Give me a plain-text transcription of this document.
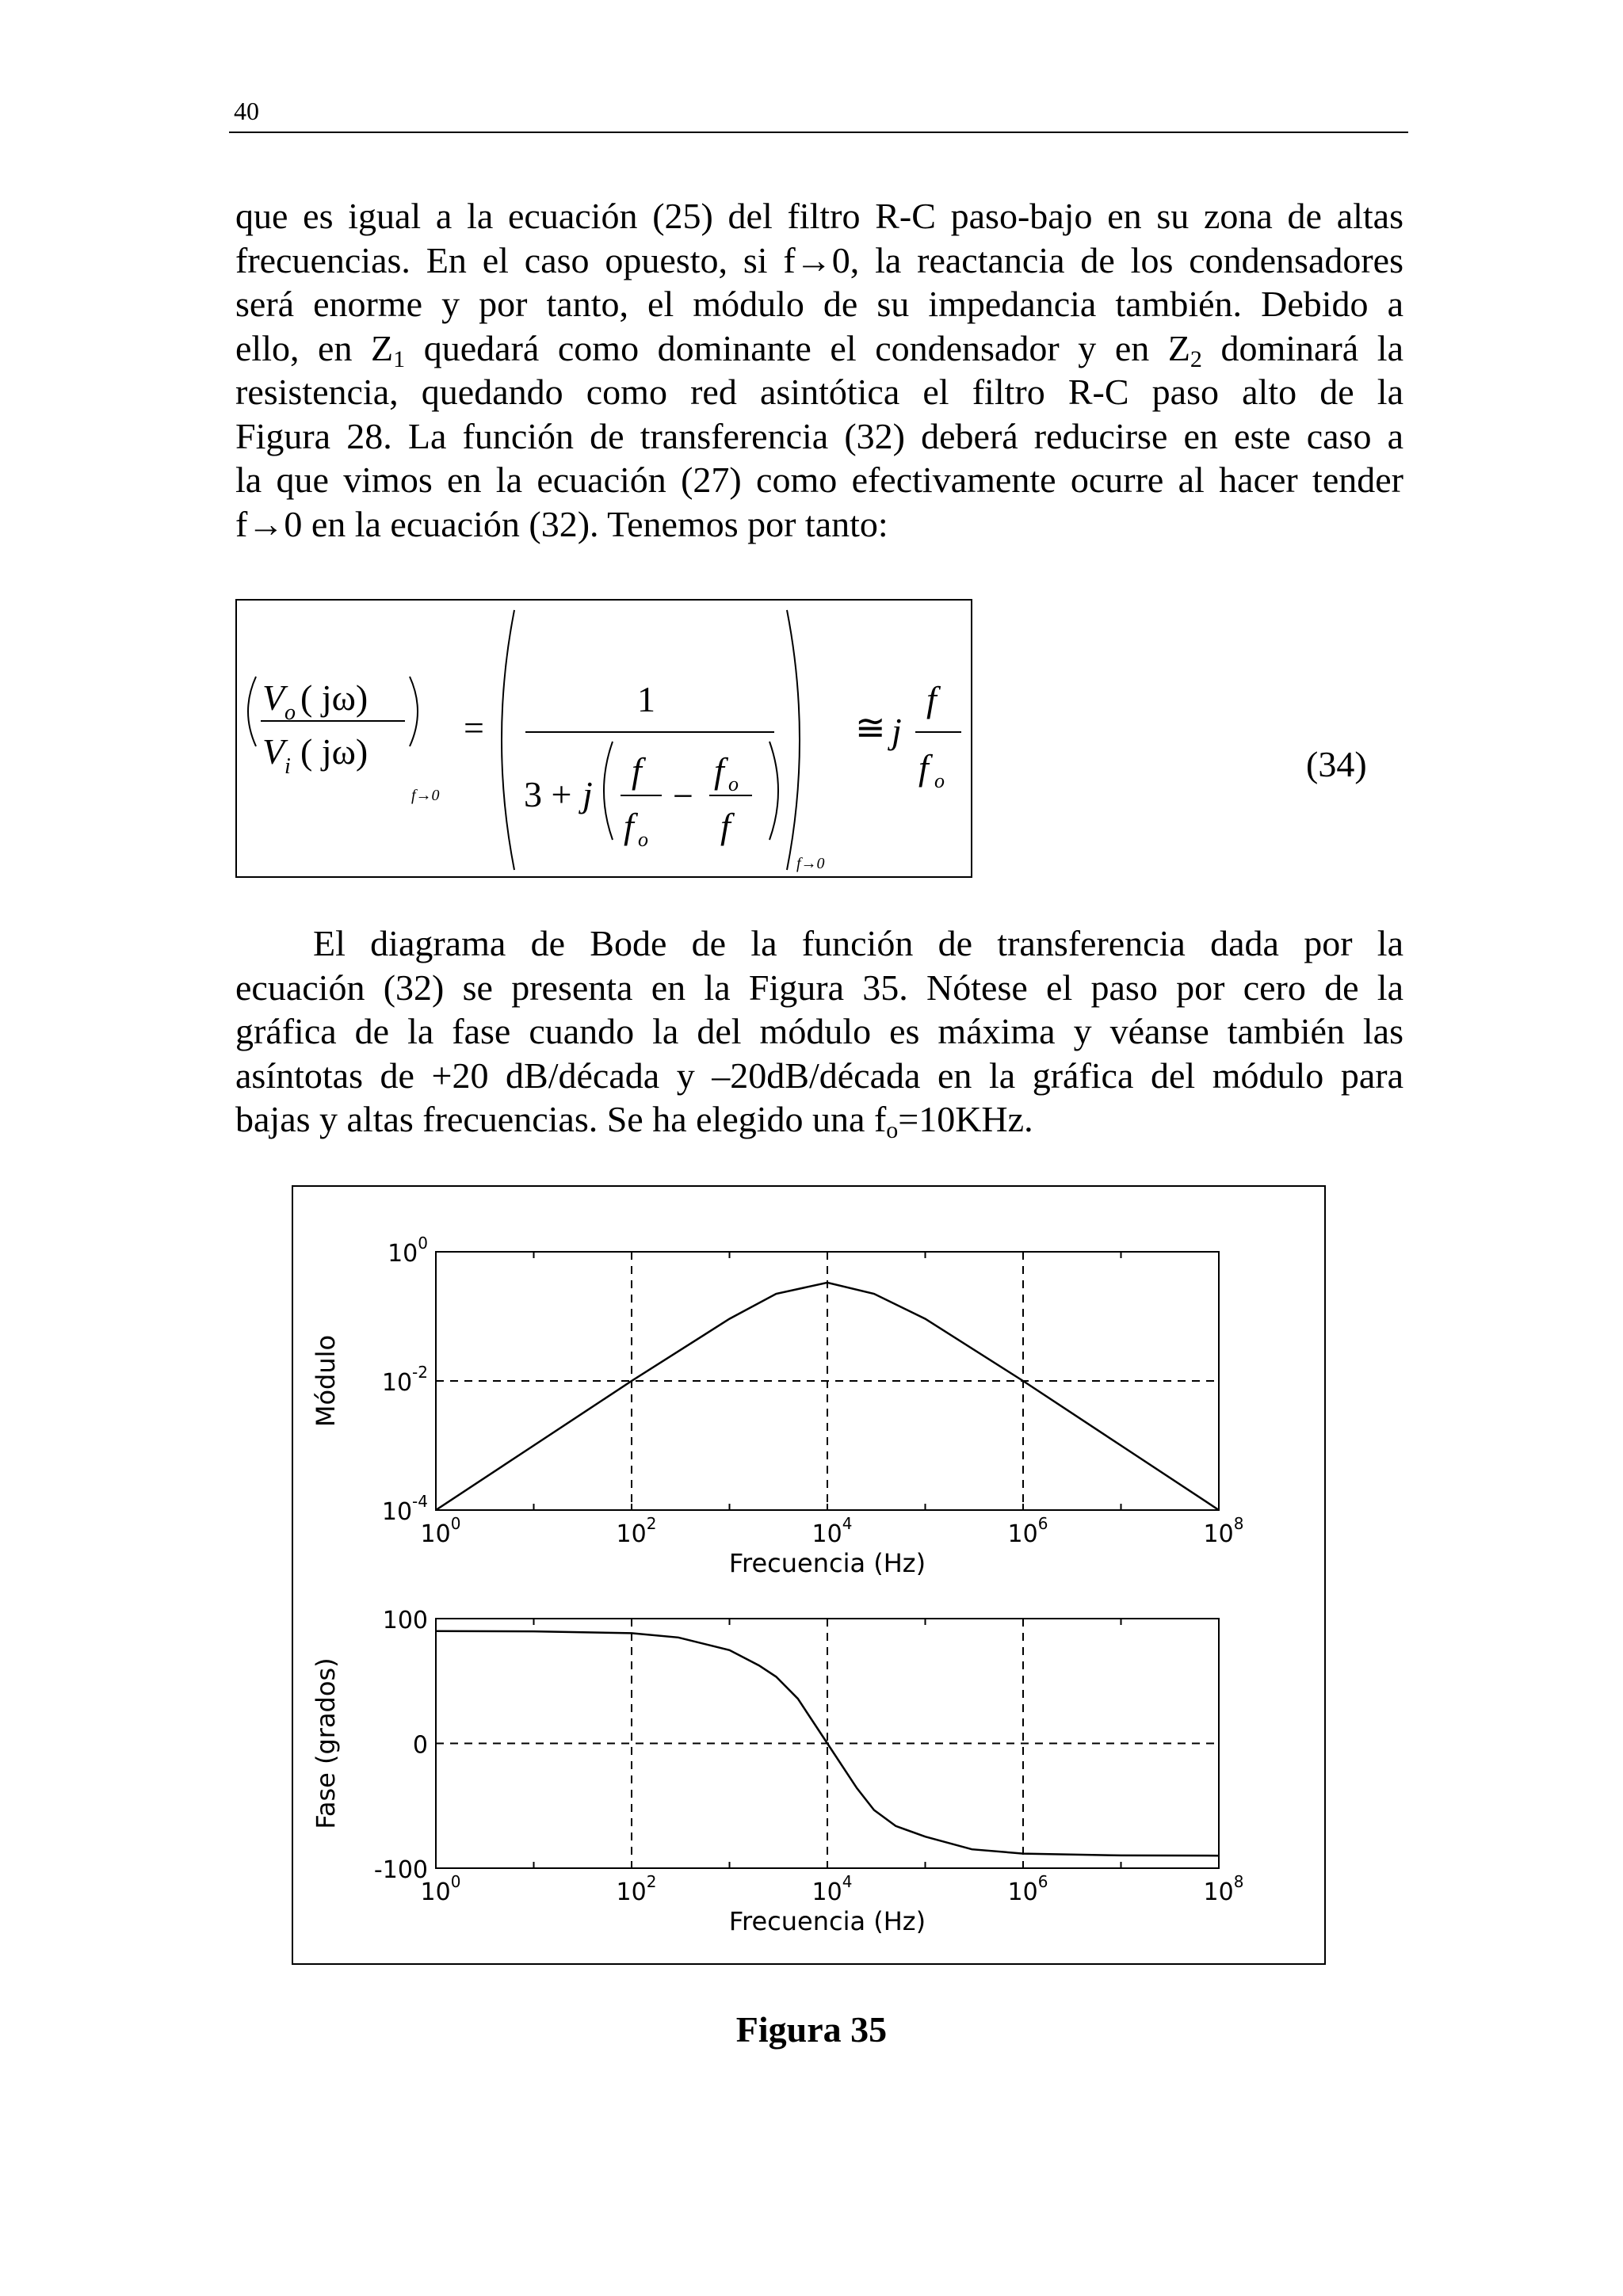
40

que es igual a la ecuación (25) del filtro R-C paso-bajo en su zona de altas
frecuencias. En el caso opuesto, si f→0, la reactancia de los condensadores
será enorme y por tanto, el módulo de su impedancia también. Debido a
ello, en $Z_1$ quedará como dominante el condensador y en $Z_2$ dominará la
resistencia, quedando como red asintótica el filtro R-C paso alto de la
Figura 28. La función de transferencia (32) deberá reducirse en este caso a
la que vimos en la ecuación (27) como efectivamente ocurre al hacer tender
f→0 en la ecuación (32). Tenemos por tanto:

V o ( jω)
V i ( jω)
f→0
=
1
3 + j
f
f o
−
f o
f
f→0
≅ j
f
f o	(34)

El diagrama de Bode de la función de transferencia dada por la
ecuación (32) se presenta en la Figura 35. Nótese el paso por cero de la
gráfica de la fase cuando la del módulo es máxima y véanse también las
asíntotas de +20 dB/década y –20dB/década en la gráfica del módulo para
bajas y altas frecuencias. Se ha elegido una $f_o=10KHz$.

$10^0$	$10^2$	$10^4$	$10^6$	$10^8$
$10^0$
$10^{-2}$
$10^{-4}$
Frecuencia (Hz)
Módulo
$10^0$	$10^2$	$10^4$	$10^6$	$10^8$
100
0
-100
Frecuencia (Hz)
Fase (grados)
Figura 35
